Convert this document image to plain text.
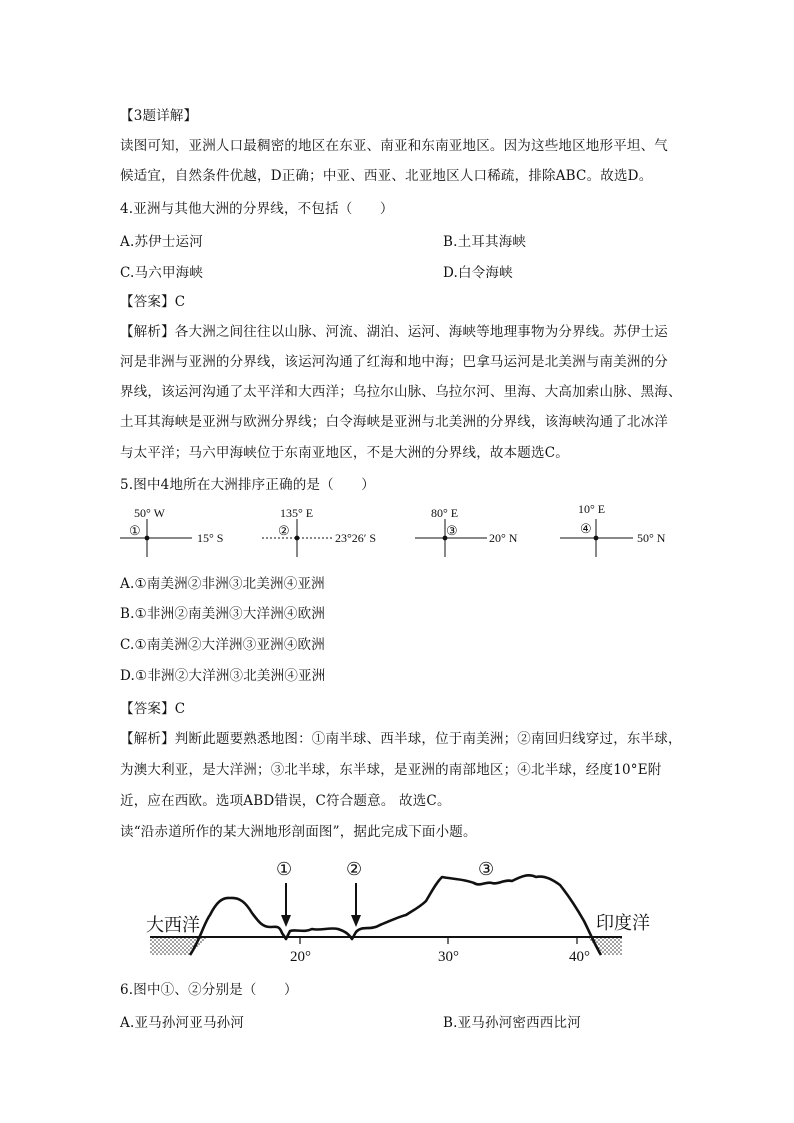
【3题详解】
读图可知，亚洲人口最稠密的地区在东亚、南亚和东南亚地区。因为这些地区地形平坦、气
候适宜，自然条件优越，D正确；中亚、西亚、北亚地区人口稀疏，排除ABC。故选D。
4.亚洲与其他大洲的分界线，不包括（　　）
A.苏伊士运河	B.土耳其海峡
C.马六甲海峡	D.白令海峡
【答案】C
【解析】各大洲之间往往以山脉、河流、湖泊、运河、海峡等地理事物为分界线。苏伊士运
河是非洲与亚洲的分界线，该运河沟通了红海和地中海；巴拿马运河是北美洲与南美洲的分
界线，该运河沟通了太平洋和大西洋；乌拉尔山脉、乌拉尔河、里海、大高加索山脉、黑海、
土耳其海峡是亚洲与欧洲分界线；白令海峡是亚洲与北美洲的分界线，该海峡沟通了北冰洋
与太平洋；马六甲海峡位于东南亚地区，不是大洲的分界线，故本题选C。
5.图中4地所在大洲排序正确的是（　　）
50° W
①	15° S
135° E
②	23°26′ S
80° E
③	20° N
10° E
④
50° N
A.①南美洲②非洲③北美洲④亚洲
B.①非洲②南美洲③大洋洲④欧洲
C.①南美洲②大洋洲③亚洲④欧洲
D.①非洲②大洋洲③北美洲④亚洲
【答案】C
【解析】判断此题要熟悉地图：①南半球、西半球，位于南美洲；②南回归线穿过，东半球，
为澳大利亚，是大洋洲；③北半球，东半球，是亚洲的南部地区；④北半球，经度10°E附
近，应在西欧。选项ABD错误，C符合题意。 故选C。
读“沿赤道所作的某大洲地形剖面图”，据此完成下面小题。
①	②	③
大西洋	印度洋
20°	30°	40°
6.图中①、②分别是（　　）
A.亚马孙河亚马孙河	B.亚马孙河密西西比河
